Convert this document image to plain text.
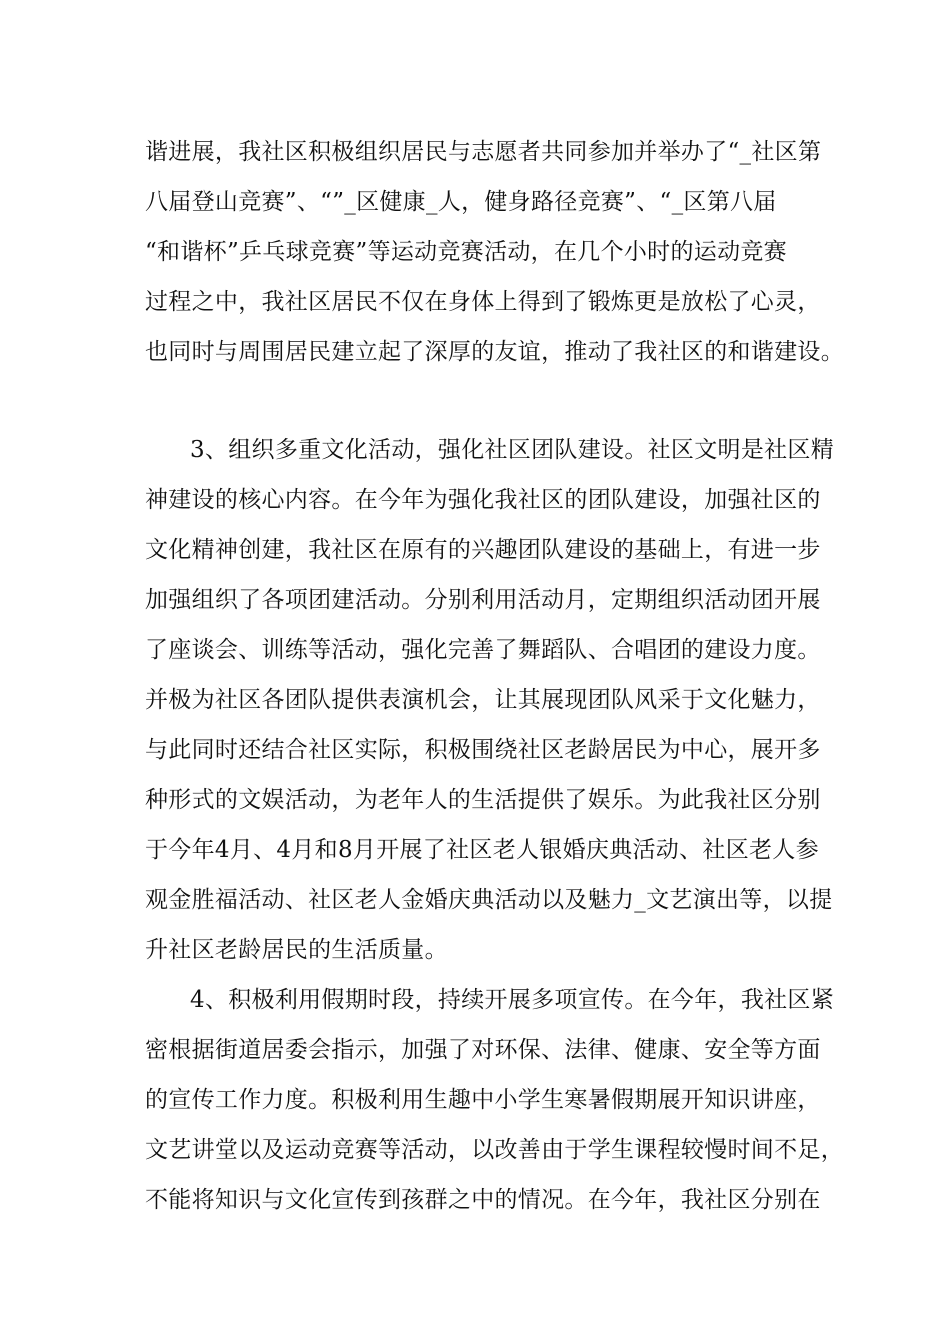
谐进展，我社区积极组织居民与志愿者共同参加并举办了“_社区第
八届登山竞赛”、“”_区健康_人，健身路径竞赛”、“_区第八届
“和谐杯”乒乓球竞赛”等运动竞赛活动，在几个小时的运动竞赛
过程之中，我社区居民不仅在身体上得到了锻炼更是放松了心灵，
也同时与周围居民建立起了深厚的友谊，推动了我社区的和谐建设。
3、组织多重文化活动，强化社区团队建设。社区文明是社区精
神建设的核心内容。在今年为强化我社区的团队建设，加强社区的
文化精神创建，我社区在原有的兴趣团队建设的基础上，有进一步
加强组织了各项团建活动。分别利用活动月，定期组织活动团开展
了座谈会、训练等活动，强化完善了舞蹈队、合唱团的建设力度。
并极为社区各团队提供表演机会，让其展现团队风采于文化魅力，
与此同时还结合社区实际，积极围绕社区老龄居民为中心，展开多
种形式的文娱活动，为老年人的生活提供了娱乐。为此我社区分别
于今年4月、4月和8月开展了社区老人银婚庆典活动、社区老人参
观金胜福活动、社区老人金婚庆典活动以及魅力_文艺演出等，以提
升社区老龄居民的生活质量。
4、积极利用假期时段，持续开展多项宣传。在今年，我社区紧
密根据街道居委会指示，加强了对环保、法律、健康、安全等方面
的宣传工作力度。积极利用生趣中小学生寒暑假期展开知识讲座，
文艺讲堂以及运动竞赛等活动，以改善由于学生课程较慢时间不足，
不能将知识与文化宣传到孩群之中的情况。在今年，我社区分别在
